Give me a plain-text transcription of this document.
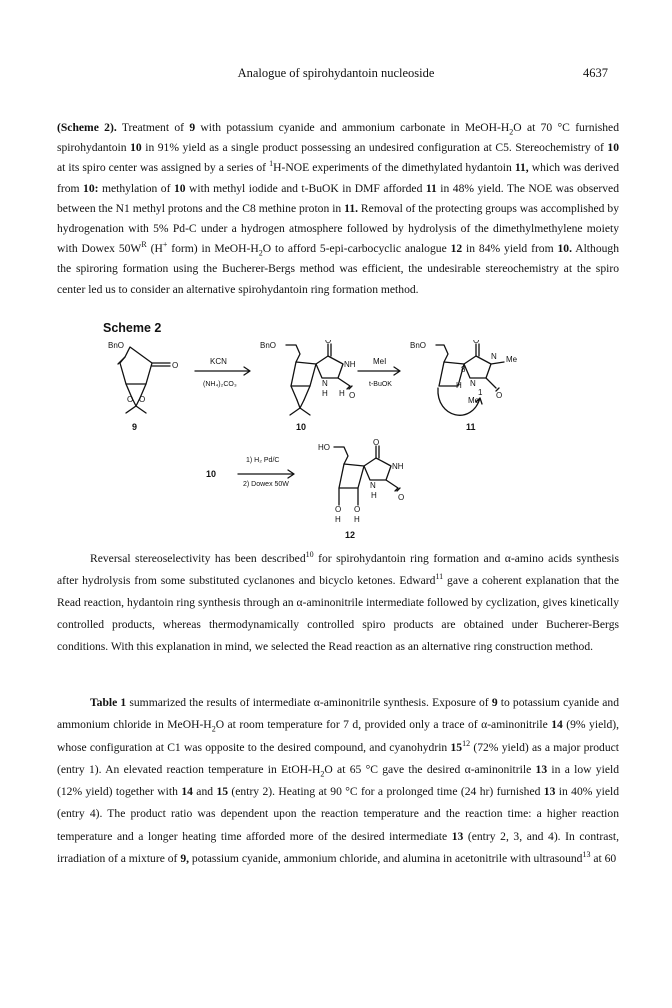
Analogue of spirohydantoin nucleoside	4637
(Scheme 2). Treatment of 9 with potassium cyanide and ammonium carbonate in MeOH-$H_2O$ at 70 °C furnished spirohydantoin 10 in 91% yield as a single product possessing an undesired configuration at C5. Stereochemistry of 10 at its spiro center was assigned by a series of $^1$H-NOE experiments of the dimethylated hydantoin 11, which was derived from 10: methylation of 10 with methyl iodide and t-BuOK in DMF afforded 11 in 48% yield. The NOE was observed between the N1 methyl protons and the C8 methine proton in 11. Removal of the protecting groups was accomplished by hydrogenation with 5% Pd-C under a hydrogen atmosphere followed by hydrolysis of the dimethylmethylene moiety with Dowex $50W^R$ (H+ form) in MeOH-$H_2O$ to afford 5-epi-carbocyclic analogue 12 in 84% yield from 10. Although the spiroring formation using the Bucherer-Bergs method was efficient, the undesirable stereochemistry at the spiro center led us to consider an alternative spirohydantoin ring formation method.
Scheme 2
BnO
O
O O
KCN
(NH₄)₂CO₃
BnO
O
NH
N
H H O
MeI
t-BuOK
BnO
O
N Me
8
H N
1 O
Me
1) H₂ Pd/C
2) Dowex 50W
HO
O
NH
N
H	O
O O
H H
9	10	11
10
12
Reversal stereoselectivity has been described$^{10}$ for spirohydantoin ring formation and α-amino acids synthesis after hydrolysis from some substituted cyclanones and bicyclo ketones. Edward$^{11}$ gave a coherent explanation that the Read reaction, hydantoin ring synthesis through an α-aminonitrile intermediate followed by cyclization, gives kinetically controlled products, whereas thermodynamically controlled spiro products are obtained under Bucherer-Bergs conditions. With this explanation in mind, we selected the Read reaction as an alternative ring construction method.
Table 1 summarized the results of intermediate α-aminonitrile synthesis. Exposure of 9 to potassium cyanide and ammonium chloride in MeOH-$H_2O$ at room temperature for 7 d, provided only a trace of α-aminonitrile 14 (9% yield), whose configuration at C1 was opposite to the desired compound, and cyanohydrin $15^{12}$ (72% yield) as a major product (entry 1). An elevated reaction temperature in EtOH-$H_2O$ at 65 °C gave the desired α-aminonitrile 13 in a low yield (12% yield) together with 14 and 15 (entry 2). Heating at 90 °C for a prolonged time (24 hr) furnished 13 in 40% yield (entry 4). The product ratio was dependent upon the reaction temperature and the reaction time: a higher reaction temperature and a longer heating time afforded more of the desired intermediate 13 (entry 2, 3, and 4). In contrast, irradiation of a mixture of 9, potassium cyanide, ammonium chloride, and alumina in acetonitrile with ultrasound$^{13}$ at 60
